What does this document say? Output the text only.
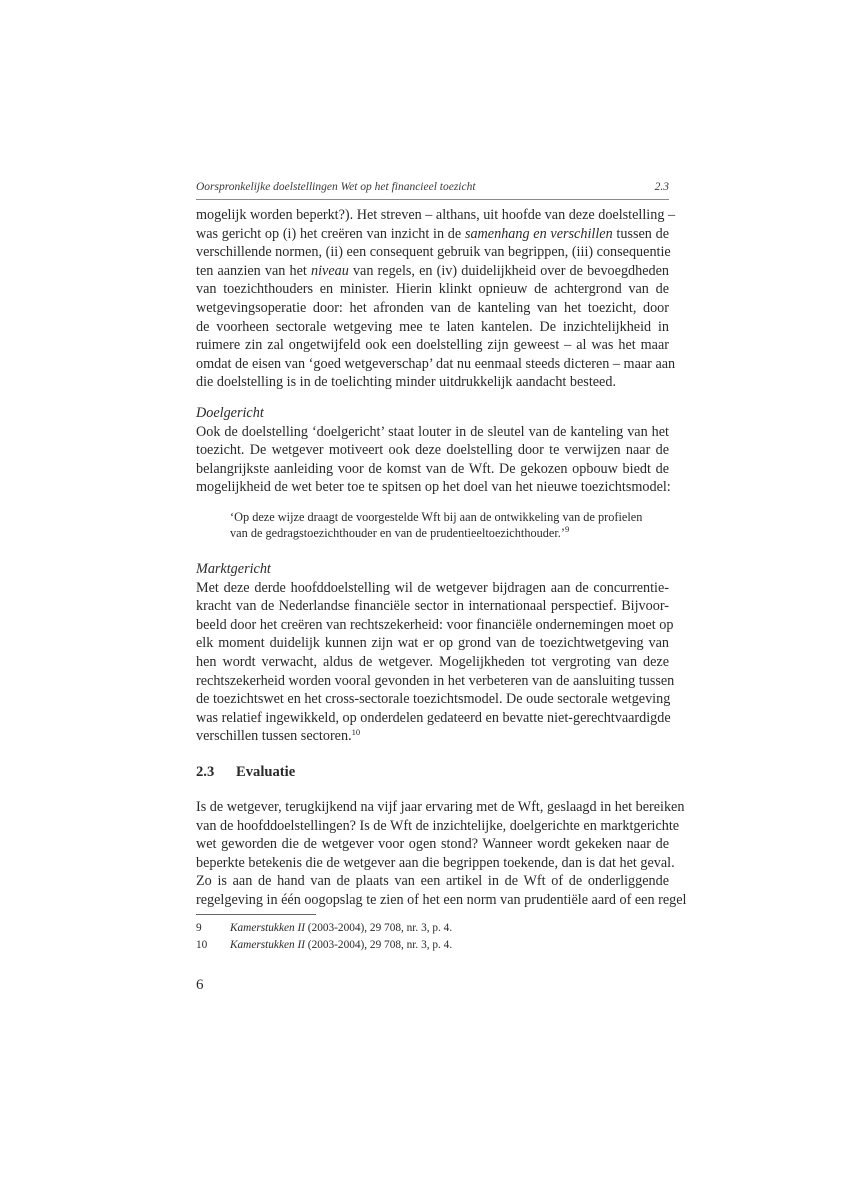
Oorspronkelijke doelstellingen Wet op het financieel toezicht	2.3
mogelijk worden beperkt?). Het streven – althans, uit hoofde van deze doelstelling –
was gericht op (i) het creëren van inzicht in de samenhang en verschillen tussen de
verschillende normen, (ii) een consequent gebruik van begrippen, (iii) consequentie
ten aanzien van het niveau van regels, en (iv) duidelijkheid over de bevoegdheden
van toezichthouders en minister. Hierin klinkt opnieuw de achtergrond van de
wetgevingsoperatie door: het afronden van de kanteling van het toezicht, door
de voorheen sectorale wetgeving mee te laten kantelen. De inzichtelijkheid in
ruimere zin zal ongetwijfeld ook een doelstelling zijn geweest – al was het maar
omdat de eisen van ‘goed wetgeverschap’ dat nu eenmaal steeds dicteren – maar aan
die doelstelling is in de toelichting minder uitdrukkelijk aandacht besteed.
Doelgericht
Ook de doelstelling ‘doelgericht’ staat louter in de sleutel van de kanteling van het
toezicht. De wetgever motiveert ook deze doelstelling door te verwijzen naar de
belangrijkste aanleiding voor de komst van de Wft. De gekozen opbouw biedt de
mogelijkheid de wet beter toe te spitsen op het doel van het nieuwe toezichtsmodel:
‘Op deze wijze draagt de voorgestelde Wft bij aan de ontwikkeling van de profielen
van de gedragstoezichthouder en van de prudentieeltoezichthouder.’$^9$
Marktgericht
Met deze derde hoofddoelstelling wil de wetgever bijdragen aan de concurrentie-
kracht van de Nederlandse financiële sector in internationaal perspectief. Bijvoor-
beeld door het creëren van rechtszekerheid: voor financiële ondernemingen moet op
elk moment duidelijk kunnen zijn wat er op grond van de toezichtwetgeving van
hen wordt verwacht, aldus de wetgever. Mogelijkheden tot vergroting van deze
rechtszekerheid worden vooral gevonden in het verbeteren van de aansluiting tussen
de toezichtswet en het cross-sectorale toezichtsmodel. De oude sectorale wetgeving
was relatief ingewikkeld, op onderdelen gedateerd en bevatte niet-gerechtvaardigde
verschillen tussen sectoren.$^{10}$
2.3 Evaluatie
Is de wetgever, terugkijkend na vijf jaar ervaring met de Wft, geslaagd in het bereiken
van de hoofddoelstellingen? Is de Wft de inzichtelijke, doelgerichte en marktgerichte
wet geworden die de wetgever voor ogen stond? Wanneer wordt gekeken naar de
beperkte betekenis die de wetgever aan die begrippen toekende, dan is dat het geval.
Zo is aan de hand van de plaats van een artikel in de Wft of de onderliggende
regelgeving in één oogopslag te zien of het een norm van prudentiële aard of een regel
9	Kamerstukken II (2003-2004), 29 708, nr. 3, p. 4.
10 Kamerstukken II (2003-2004), 29 708, nr. 3, p. 4.
6
